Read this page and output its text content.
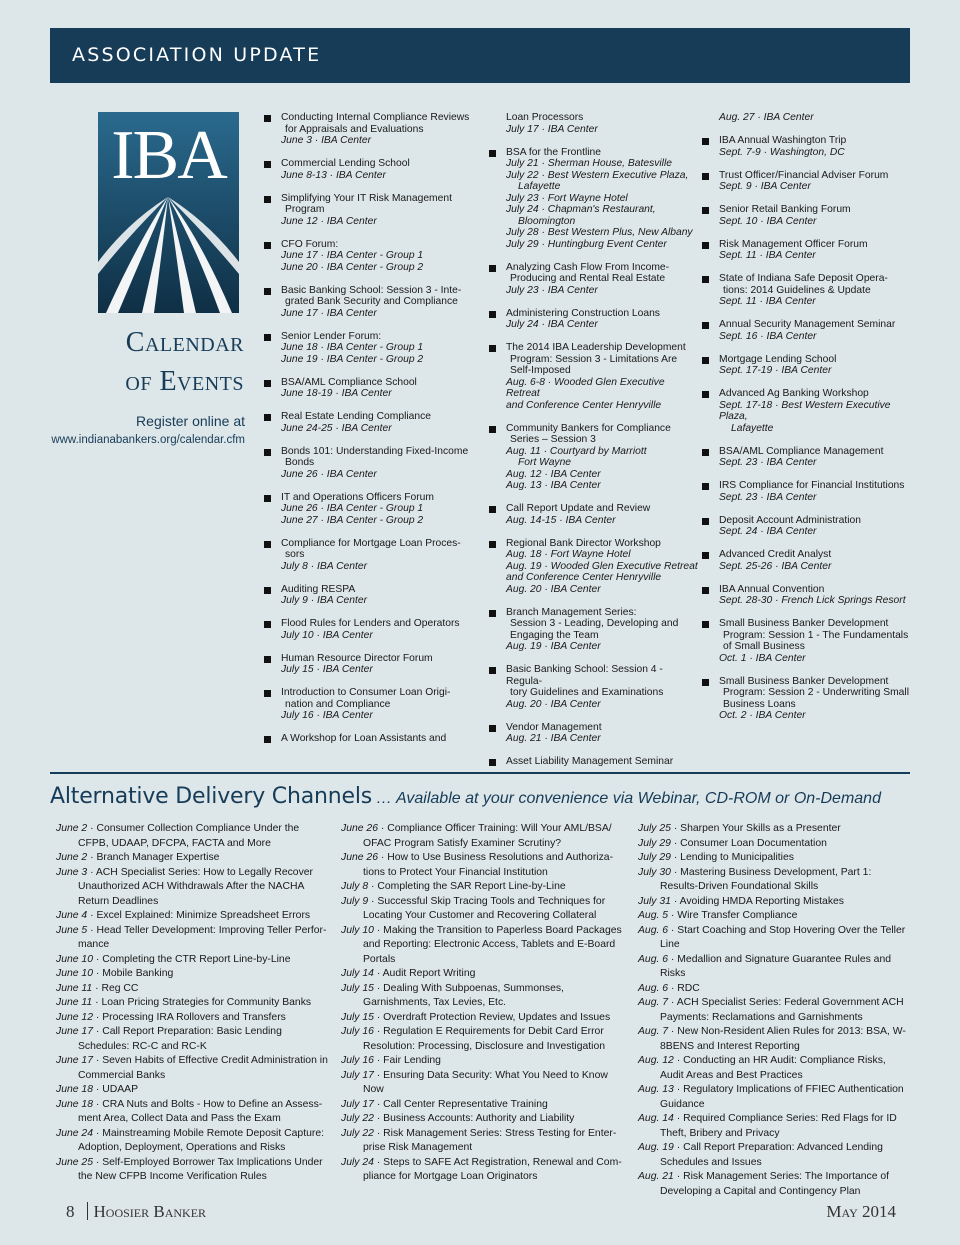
ASSOCIATION UPDATE
IBA
Calendar
of Events
Register online at
www.indianabankers.org/calendar.cfm
Conducting Internal Compliance Reviews
for Appraisals and Evaluations
June 3 · IBA Center
Commercial Lending School
June 8-13 · IBA Center
Simplifying Your IT Risk Management
Program
June 12 · IBA Center
CFO Forum:
June 17 · IBA Center - Group 1
June 20 · IBA Center - Group 2
Basic Banking School: Session 3 - Inte-
grated Bank Security and Compliance
June 17 · IBA Center
Senior Lender Forum:
June 18 · IBA Center - Group 1
June 19 · IBA Center - Group 2
BSA/AML Compliance School
June 18-19 · IBA Center
Real Estate Lending Compliance
June 24-25 · IBA Center
Bonds 101: Understanding Fixed-Income
Bonds
June 26 · IBA Center
IT and Operations Officers Forum
June 26 · IBA Center - Group 1
June 27 · IBA Center - Group 2
Compliance for Mortgage Loan Proces-
sors
July 8 · IBA Center
Auditing RESPA
July 9 · IBA Center
Flood Rules for Lenders and Operators
July 10 · IBA Center
Human Resource Director Forum
July 15 · IBA Center
Introduction to Consumer Loan Origi-
nation and Compliance
July 16 · IBA Center
A Workshop for Loan Assistants and
Loan Processors
July 17 · IBA Center
BSA for the Frontline
July 21 · Sherman House, Batesville
July 22 · Best Western Executive Plaza,
Lafayette
July 23 · Fort Wayne Hotel
July 24 · Chapman's Restaurant,
Bloomington
July 28 · Best Western Plus, New Albany
July 29 · Huntingburg Event Center
Analyzing Cash Flow From Income-
Producing and Rental Real Estate
July 23 · IBA Center
Administering Construction Loans
July 24 · IBA Center
The 2014 IBA Leadership Development
Program: Session 3 - Limitations Are
Self-Imposed
Aug. 6-8 · Wooded Glen Executive Retreat
and Conference Center Henryville
Community Bankers for Compliance
Series – Session 3
Aug. 11 · Courtyard by Marriott
Fort Wayne
Aug. 12 · IBA Center
Aug. 13 · IBA Center
Call Report Update and Review
Aug. 14-15 · IBA Center
Regional Bank Director Workshop
Aug. 18 · Fort Wayne Hotel
Aug. 19 · Wooded Glen Executive Retreat
and Conference Center Henryville
Aug. 20 · IBA Center
Branch Management Series:
Session 3 - Leading, Developing and
Engaging the Team
Aug. 19 · IBA Center
Basic Banking School: Session 4 - Regula-
tory Guidelines and Examinations
Aug. 20 · IBA Center
Vendor Management
Aug. 21 · IBA Center
Asset Liability Management Seminar
Aug. 27 · IBA Center
IBA Annual Washington Trip
Sept. 7-9 · Washington, DC
Trust Officer/Financial Adviser Forum
Sept. 9 · IBA Center
Senior Retail Banking Forum
Sept. 10 · IBA Center
Risk Management Officer Forum
Sept. 11 · IBA Center
State of Indiana Safe Deposit Opera-
tions: 2014 Guidelines & Update
Sept. 11 · IBA Center
Annual Security Management Seminar
Sept. 16 · IBA Center
Mortgage Lending School
Sept. 17-19 · IBA Center
Advanced Ag Banking Workshop
Sept. 17-18 · Best Western Executive Plaza,
Lafayette
BSA/AML Compliance Management
Sept. 23 · IBA Center
IRS Compliance for Financial Institutions
Sept. 23 · IBA Center
Deposit Account Administration
Sept. 24 · IBA Center
Advanced Credit Analyst
Sept. 25-26 · IBA Center
IBA Annual Convention
Sept. 28-30 · French Lick Springs Resort
Small Business Banker Development
Program: Session 1 - The Fundamentals
of Small Business
Oct. 1 · IBA Center
Small Business Banker Development
Program: Session 2 - Underwriting Small
Business Loans
Oct. 2 · IBA Center
Alternative Delivery Channels … Available at your convenience via Webinar, CD-ROM or On-Demand
June 2 · Consumer Collection Compliance Under the CFPB, UDAAP, DFCPA, FACTA and More
June 2 · Branch Manager Expertise
June 3 · ACH Specialist Series: How to Legally Recover Unauthorized ACH Withdrawals After the NACHA Return Deadlines
June 4 · Excel Explained: Minimize Spreadsheet Errors
June 5 · Head Teller Development: Improving Teller Perfor-mance
June 10 · Completing the CTR Report Line-by-Line
June 10 · Mobile Banking
June 11 · Reg CC
June 11 · Loan Pricing Strategies for Community Banks
June 12 · Processing IRA Rollovers and Transfers
June 17 · Call Report Preparation: Basic Lending Schedules: RC-C and RC-K
June 17 · Seven Habits of Effective Credit Administration in Commercial Banks
June 18 · UDAAP
June 18 · CRA Nuts and Bolts - How to Define an Assess-ment Area, Collect Data and Pass the Exam
June 24 · Mainstreaming Mobile Remote Deposit Capture: Adoption, Deployment, Operations and Risks
June 25 · Self-Employed Borrower Tax Implications Under the New CFPB Income Verification Rules
June 26 · Compliance Officer Training: Will Your AML/BSA/ OFAC Program Satisfy Examiner Scrutiny?
June 26 · How to Use Business Resolutions and Authoriza-tions to Protect Your Financial Institution
July 8 · Completing the SAR Report Line-by-Line
July 9 · Successful Skip Tracing Tools and Techniques for Locating Your Customer and Recovering Collateral
July 10 · Making the Transition to Paperless Board Packages and Reporting: Electronic Access, Tablets and E-Board Portals
July 14 · Audit Report Writing
July 15 · Dealing With Subpoenas, Summonses, Garnishments, Tax Levies, Etc.
July 15 · Overdraft Protection Review, Updates and Issues
July 16 · Regulation E Requirements for Debit Card Error Resolution: Processing, Disclosure and Investigation
July 16 · Fair Lending
July 17 · Ensuring Data Security: What You Need to Know Now
July 17 · Call Center Representative Training
July 22 · Business Accounts: Authority and Liability
July 22 · Risk Management Series: Stress Testing for Enter-prise Risk Management
July 24 · Steps to SAFE Act Registration, Renewal and Com-pliance for Mortgage Loan Originators
July 25 · Sharpen Your Skills as a Presenter
July 29 · Consumer Loan Documentation
July 29 · Lending to Municipalities
July 30 · Mastering Business Development, Part 1: Results-Driven Foundational Skills
July 31 · Avoiding HMDA Reporting Mistakes
Aug. 5 · Wire Transfer Compliance
Aug. 6 · Start Coaching and Stop Hovering Over the Teller Line
Aug. 6 · Medallion and Signature Guarantee Rules and Risks
Aug. 6 · RDC
Aug. 7 · ACH Specialist Series: Federal Government ACH Payments: Reclamations and Garnishments
Aug. 7 · New Non-Resident Alien Rules for 2013: BSA, W-8BENS and Interest Reporting
Aug. 12 · Conducting an HR Audit: Compliance Risks, Audit Areas and Best Practices
Aug. 13 · Regulatory Implications of FFIEC Authentication Guidance
Aug. 14 · Required Compliance Series: Red Flags for ID Theft, Bribery and Privacy
Aug. 19 · Call Report Preparation: Advanced Lending Schedules and Issues
Aug. 21 · Risk Management Series: The Importance of Developing a Capital and Contingency Plan
8 Hoosier Banker	May 2014
